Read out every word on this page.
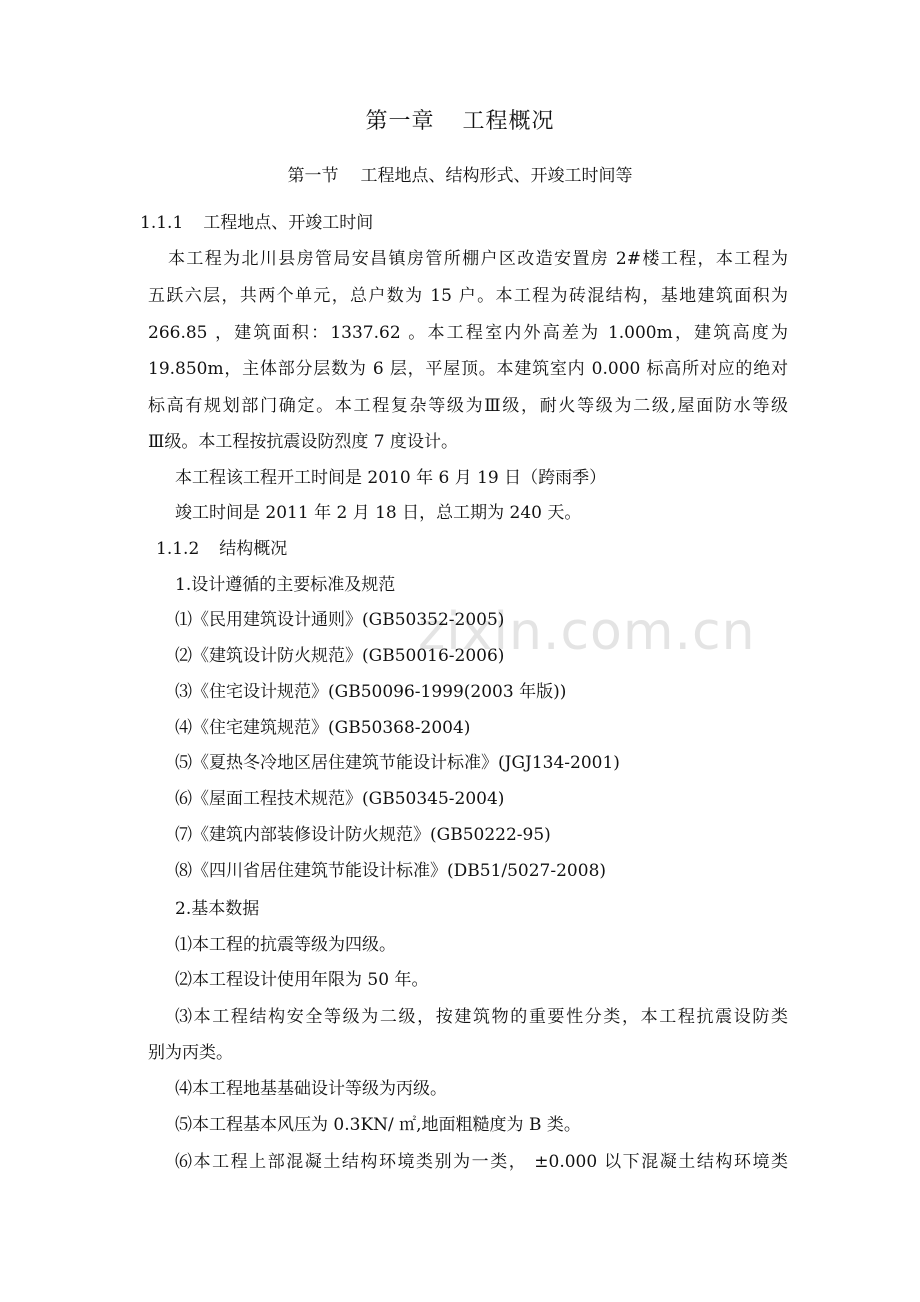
zixin.com.cn
第一章 工程概况
第一节 工程地点、结构形式、开竣工时间等
1.1.1 工程地点、开竣工时间
本工程为北川县房管局安昌镇房管所棚户区改造安置房 2#楼工程，本工程为
五跃六层，共两个单元，总户数为 15 户。本工程为砖混结构，基地建筑面积为
266.85 ，建筑面积：1337.62 。本工程室内外高差为 1.000m，建筑高度为
19.850m，主体部分层数为 6 层，平屋顶。本建筑室内 0.000 标高所对应的绝对
标高有规划部门确定。本工程复杂等级为Ⅲ级，耐火等级为二级,屋面防水等级
Ⅲ级。本工程按抗震设防烈度 7 度设计。
本工程该工程开工时间是 2010 年 6 月 19 日（跨雨季）
竣工时间是 2011 年 2 月 18 日，总工期为 240 天。
1.1.2 结构概况
1.设计遵循的主要标准及规范
⑴《民用建筑设计通则》(GB50352-2005)
⑵《建筑设计防火规范》(GB50016-2006)
⑶《住宅设计规范》(GB50096-1999(2003 年版))
⑷《住宅建筑规范》(GB50368-2004)
⑸《夏热冬冷地区居住建筑节能设计标准》(JGJ134-2001)
⑹《屋面工程技术规范》(GB50345-2004)
⑺《建筑内部装修设计防火规范》(GB50222-95)
⑻《四川省居住建筑节能设计标准》(DB51/5027-2008)
2.基本数据
⑴本工程的抗震等级为四级。
⑵本工程设计使用年限为 50 年。
⑶本工程结构安全等级为二级，按建筑物的重要性分类，本工程抗震设防类
别为丙类。
⑷本工程地基基础设计等级为丙级。
⑸本工程基本风压为 0.3KN/ ㎡,地面粗糙度为 B 类。
⑹本工程上部混凝土结构环境类别为一类， ±0.000 以下混凝土结构环境类
